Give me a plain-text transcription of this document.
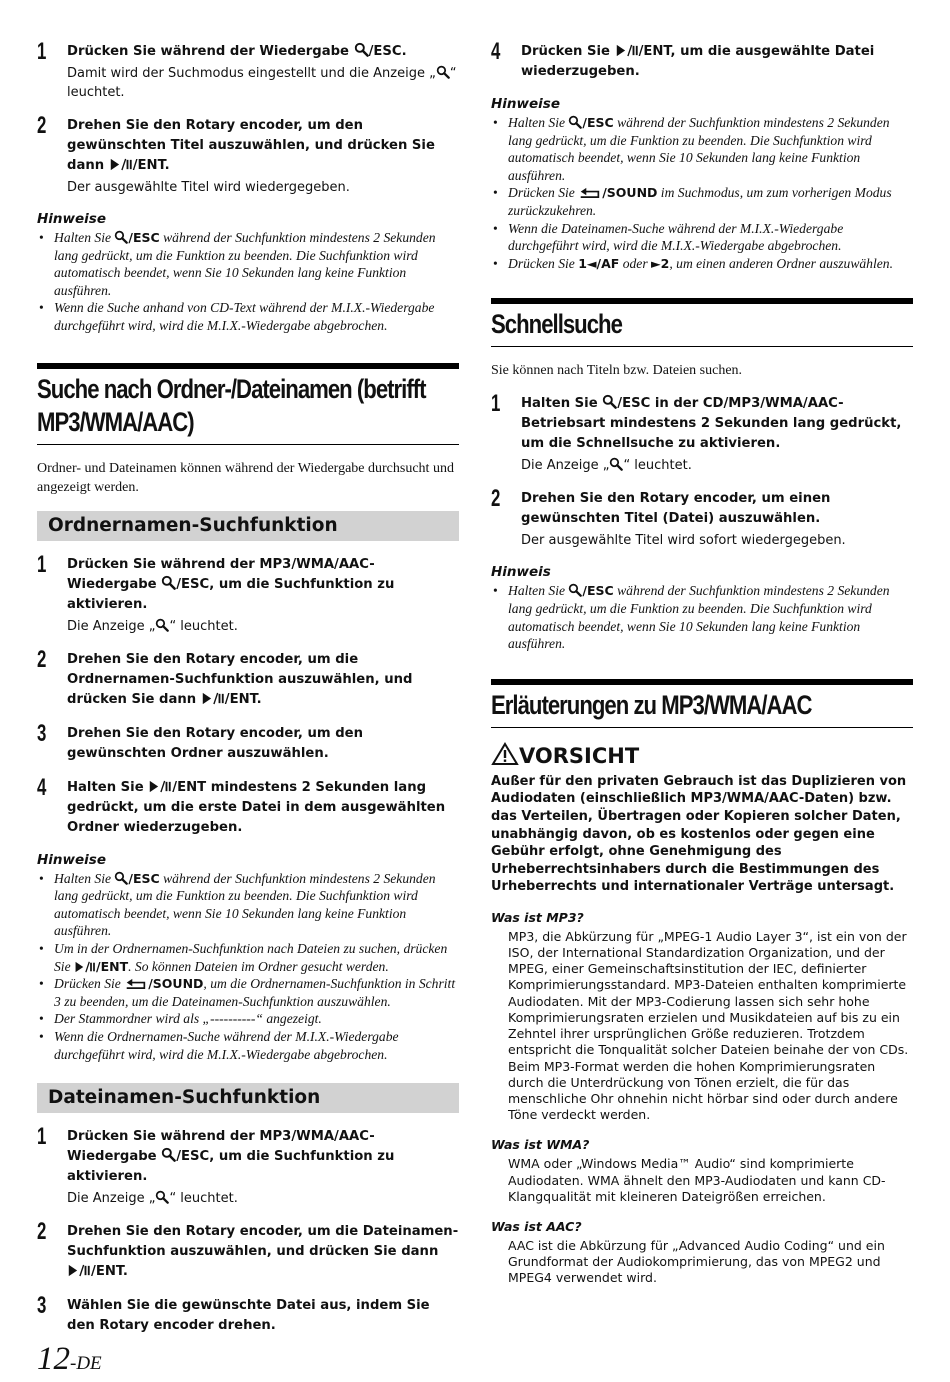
1 Drücken Sie während der Wiedergabe /ESC.
Damit wird der Suchmodus eingestellt und die Anzeige „ “ leuchtet.
2 Drehen Sie den Rotary encoder, um den gewünschten Titel auszuwählen, und drücken Sie dann /ENT.
Der ausgewählte Titel wird wiedergegeben.
Hinweise
• Halten Sie /ESC während der Suchfunktion mindestens 2 Sekunden lang gedrückt, um die Funktion zu beenden. Die Suchfunktion wird automatisch beendet, wenn Sie 10 Sekunden lang keine Funktion ausführen.
• Wenn die Suche anhand von CD-Text während der M.I.X.-Wiedergabe durchgeführt wird, wird die M.I.X.-Wiedergabe abgebrochen.
Suche nach Ordner-/Dateinamen (betrifft MP3/WMA/AAC)
Ordner- und Dateinamen können während der Wiedergabe durchsucht und angezeigt werden.
Ordnernamen-Suchfunktion
1 Drücken Sie während der MP3/WMA/AAC-Wiedergabe /ESC, um die Suchfunktion zu aktivieren.
Die Anzeige „ “ leuchtet.
2 Drehen Sie den Rotary encoder, um die Ordnernamen-Suchfunktion auszuwählen, und drücken Sie dann /ENT.
3 Drehen Sie den Rotary encoder, um den gewünschten Ordner auszuwählen.
4 Halten Sie /ENT mindestens 2 Sekunden lang gedrückt, um die erste Datei in dem ausgewählten Ordner wiederzugeben.
Hinweise
• Halten Sie /ESC während der Suchfunktion mindestens 2 Sekunden lang gedrückt, um die Funktion zu beenden. Die Suchfunktion wird automatisch beendet, wenn Sie 10 Sekunden lang keine Funktion ausführen.
• Um in der Ordnernamen-Suchfunktion nach Dateien zu suchen, drücken Sie /ENT. So können Dateien im Ordner gesucht werden.
• Drücken Sie /SOUND, um die Ordnernamen-Suchfunktion in Schritt 3 zu beenden, um die Dateinamen-Suchfunktion auszuwählen.
• Der Stammordner wird als „----------“ angezeigt.
• Wenn die Ordnernamen-Suche während der M.I.X.-Wiedergabe durchgeführt wird, wird die M.I.X.-Wiedergabe abgebrochen.
Dateinamen-Suchfunktion
1 Drücken Sie während der MP3/WMA/AAC-Wiedergabe /ESC, um die Suchfunktion zu aktivieren.
Die Anzeige „ “ leuchtet.
2 Drehen Sie den Rotary encoder, um die Dateinamen-Suchfunktion auszuwählen, und drücken Sie dann /ENT.
3 Wählen Sie die gewünschte Datei aus, indem Sie den Rotary encoder drehen.
12-DE
4 Drücken Sie /ENT, um die ausgewählte Datei wiederzugeben.
Hinweise
• Halten Sie /ESC während der Suchfunktion mindestens 2 Sekunden lang gedrückt, um die Funktion zu beenden. Die Suchfunktion wird automatisch beendet, wenn Sie 10 Sekunden lang keine Funktion ausführen.
• Drücken Sie /SOUND im Suchmodus, um zum vorherigen Modus zurückzukehren.
• Wenn die Dateinamen-Suche während der M.I.X.-Wiedergabe durchgeführt wird, wird die M.I.X.-Wiedergabe abgebrochen.
• Drücken Sie 1◄/AF oder ►2, um einen anderen Ordner auszuwählen.
Schnellsuche
Sie können nach Titeln bzw. Dateien suchen.
1 Halten Sie /ESC in der CD/MP3/WMA/AAC-Betriebsart mindestens 2 Sekunden lang gedrückt, um die Schnellsuche zu aktivieren.
Die Anzeige „ “ leuchtet.
2 Drehen Sie den Rotary encoder, um einen gewünschten Titel (Datei) auszuwählen.
Der ausgewählte Titel wird sofort wiedergegeben.
Hinweis
• Halten Sie /ESC während der Suchfunktion mindestens 2 Sekunden lang gedrückt, um die Funktion zu beenden. Die Suchfunktion wird automatisch beendet, wenn Sie 10 Sekunden lang keine Funktion ausführen.
Erläuterungen zu MP3/WMA/AAC
VORSICHT
Außer für den privaten Gebrauch ist das Duplizieren von Audiodaten (einschließlich MP3/WMA/AAC-Daten) bzw. das Verteilen, Übertragen oder Kopieren solcher Daten, unabhängig davon, ob es kostenlos oder gegen eine Gebühr erfolgt, ohne Genehmigung des Urheberrechtsinhabers durch die Bestimmungen des Urheberrechts und internationaler Verträge untersagt.
Was ist MP3?
MP3, die Abkürzung für „MPEG-1 Audio Layer 3“, ist ein von der ISO, der International Standardization Organization, und der MPEG, einer Gemeinschaftsinstitution der IEC, definierter Komprimierungsstandard. MP3-Dateien enthalten komprimierte Audiodaten. Mit der MP3-Codierung lassen sich sehr hohe Komprimierungsraten erzielen und Musikdateien auf bis zu ein Zehntel ihrer ursprünglichen Größe reduzieren. Trotzdem entspricht die Tonqualität solcher Dateien beinahe der von CDs. Beim MP3-Format werden die hohen Komprimierungsraten durch die Unterdrückung von Tönen erzielt, die für das menschliche Ohr ohnehin nicht hörbar sind oder durch andere Töne verdeckt werden.
Was ist WMA?
WMA oder „Windows Media™ Audio“ sind komprimierte Audiodaten. WMA ähnelt den MP3-Audiodaten und kann CD-Klangqualität mit kleineren Dateigrößen erreichen.
Was ist AAC?
AAC ist die Abkürzung für „Advanced Audio Coding“ und ein Grundformat der Audiokomprimierung, das von MPEG2 und MPEG4 verwendet wird.
